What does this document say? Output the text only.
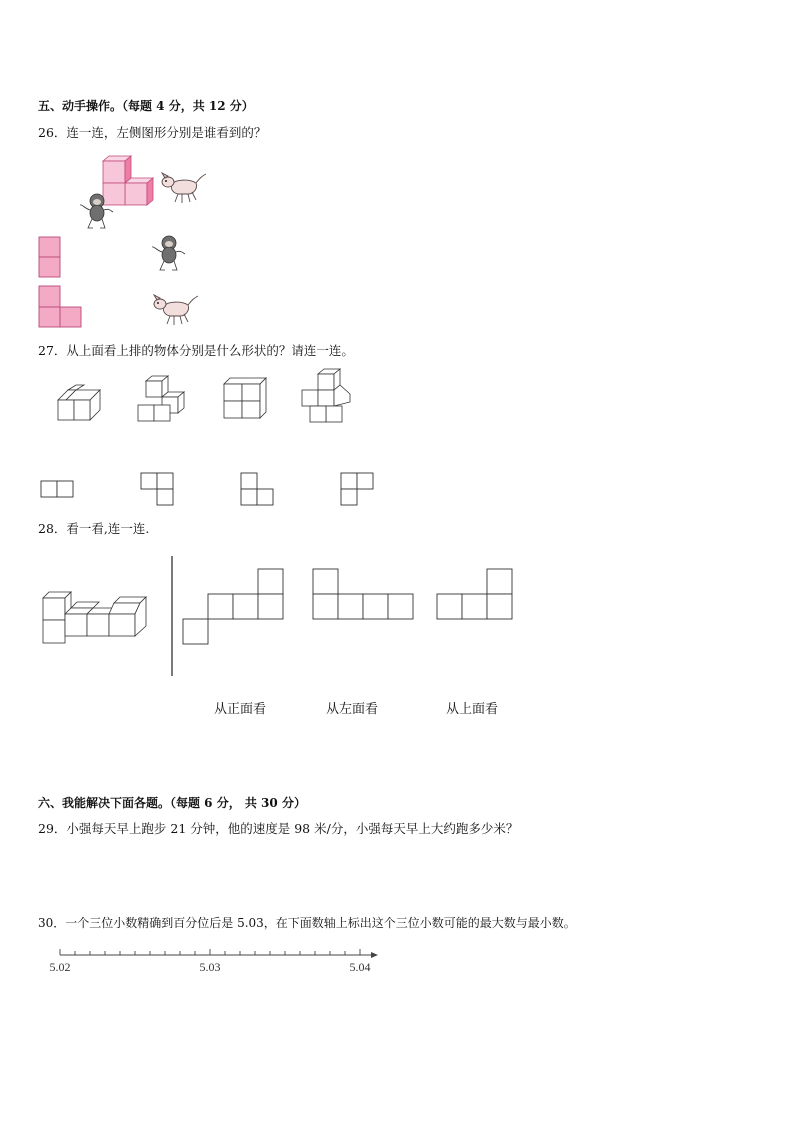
五、动手操作。（每题 4 分，共 12 分）
26．连一连，左侧图形分别是谁看到的？
27．从上面看上排的物体分别是什么形状的？请连一连。
28．看一看,连一连.
从正面看	从左面看	从上面看
六、我能解决下面各题。（每题 6 分， 共 30 分）
29．小强每天早上跑步 21 分钟，他的速度是 98 米/分，小强每天早上大约跑多少米？
30．一个三位小数精确到百分位后是 5.03，在下面数轴上标出这个三位小数可能的最大数与最小数。
5.02	5.03	5.04
